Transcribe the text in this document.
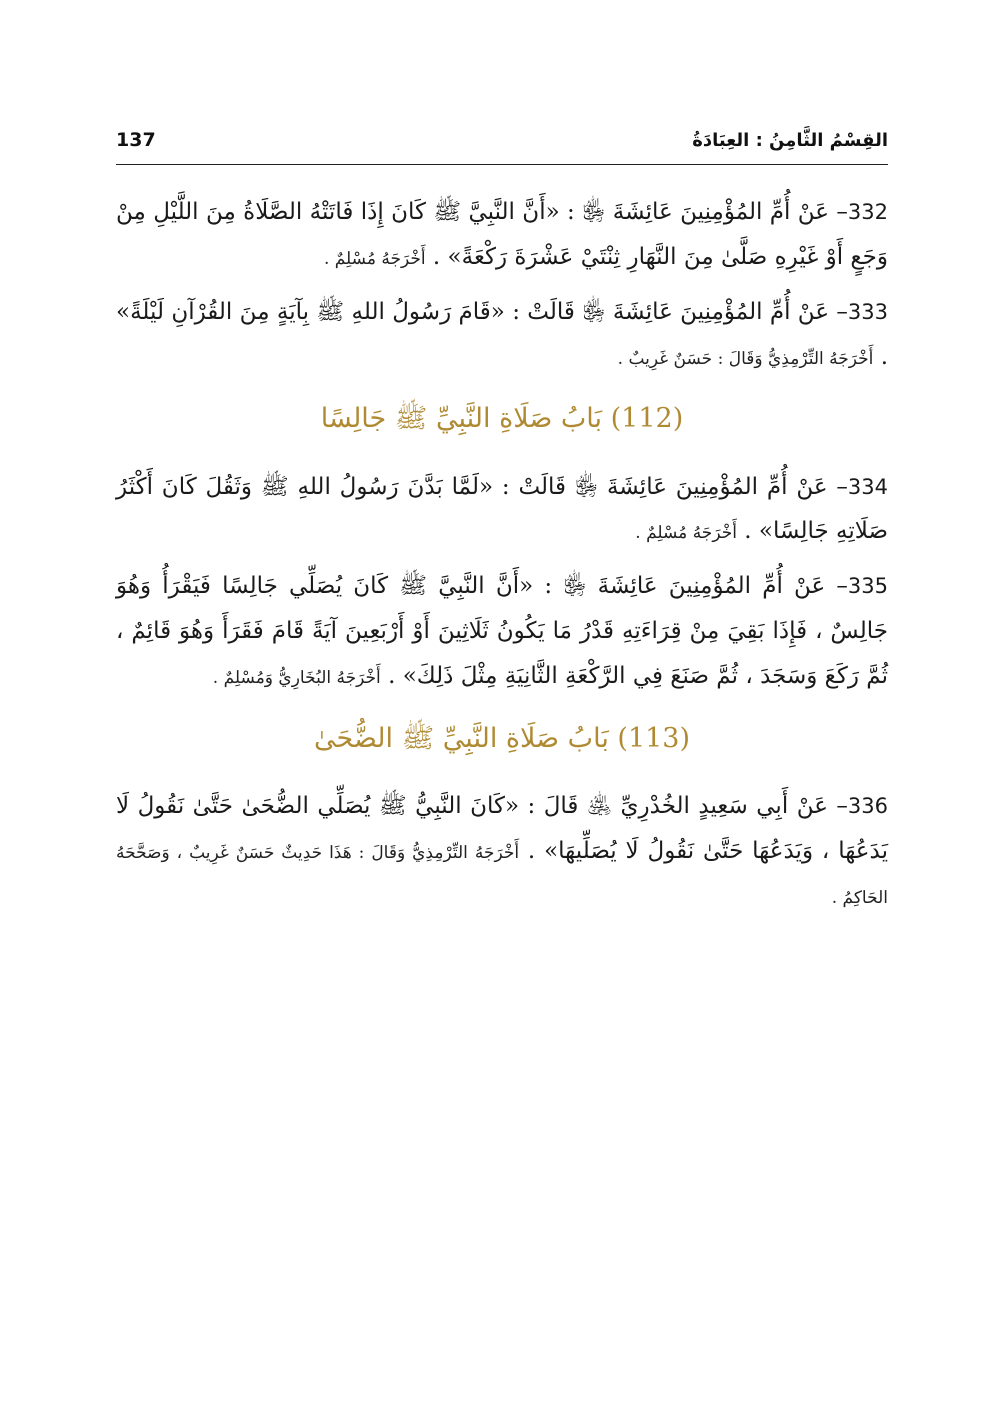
137	القِسْمُ الثَّامِنُ : العِبَادَةُ

332– عَنْ أُمِّ المُؤْمِنِينَ عَائِشَةَ ﵂ : «أَنَّ النَّبِيَّ ﷺ كَانَ إِذَا فَاتَتْهُ الصَّلَاةُ مِنَ اللَّيْلِ مِنْ وَجَعٍ أَوْ غَيْرِهِ صَلَّىٰ مِنَ النَّهَارِ ثِنْتَيْ عَشْرَةَ رَكْعَةً» . أَخْرَجَهُ مُسْلِمٌ .

333– عَنْ أُمِّ المُؤْمِنِينَ عَائِشَةَ ﵂ قَالَتْ : «قَامَ رَسُولُ اللهِ ﷺ بِآيَةٍ مِنَ القُرْآنِ لَيْلَةً» . أَخْرَجَهُ التِّرْمِذِيُّ وَقَالَ : حَسَنٌ غَرِيبٌ .

(112) بَابُ صَلَاةِ النَّبِيِّ ﷺ جَالِسًا

334– عَنْ أُمِّ المُؤْمِنِينَ عَائِشَةَ ﵂ قَالَتْ : «لَمَّا بَدَّنَ رَسُولُ اللهِ ﷺ وَثَقُلَ كَانَ أَكْثَرُ صَلَاتِهِ جَالِسًا» . أَخْرَجَهُ مُسْلِمٌ .

335– عَنْ أُمِّ المُؤْمِنِينَ عَائِشَةَ ﵂ : «أَنَّ النَّبِيَّ ﷺ كَانَ يُصَلِّي جَالِسًا فَيَقْرَأُ وَهُوَ جَالِسٌ ، فَإِذَا بَقِيَ مِنْ قِرَاءَتِهِ قَدْرُ مَا يَكُونُ ثَلَاثِينَ أَوْ أَرْبَعِينَ آيَةً قَامَ فَقَرَأَ وَهُوَ قَائِمٌ ، ثُمَّ رَكَعَ وَسَجَدَ ، ثُمَّ صَنَعَ فِي الرَّكْعَةِ الثَّانِيَةِ مِثْلَ ذَلِكَ» . أَخْرَجَهُ البُخَارِيُّ وَمُسْلِمٌ .

(113) بَابُ صَلَاةِ النَّبِيِّ ﷺ الضُّحَىٰ

336– عَنْ أَبِي سَعِيدٍ الخُدْرِيِّ ﵁ قَالَ : «كَانَ النَّبِيُّ ﷺ يُصَلِّي الضُّحَىٰ حَتَّىٰ نَقُولُ لَا يَدَعُهَا ، وَيَدَعُهَا حَتَّىٰ نَقُولُ لَا يُصَلِّيهَا» . أَخْرَجَهُ التِّرْمِذِيُّ وَقَالَ : هَذَا حَدِيثٌ حَسَنٌ غَرِيبٌ ، وَصَحَّحَهُ الحَاكِمُ .
